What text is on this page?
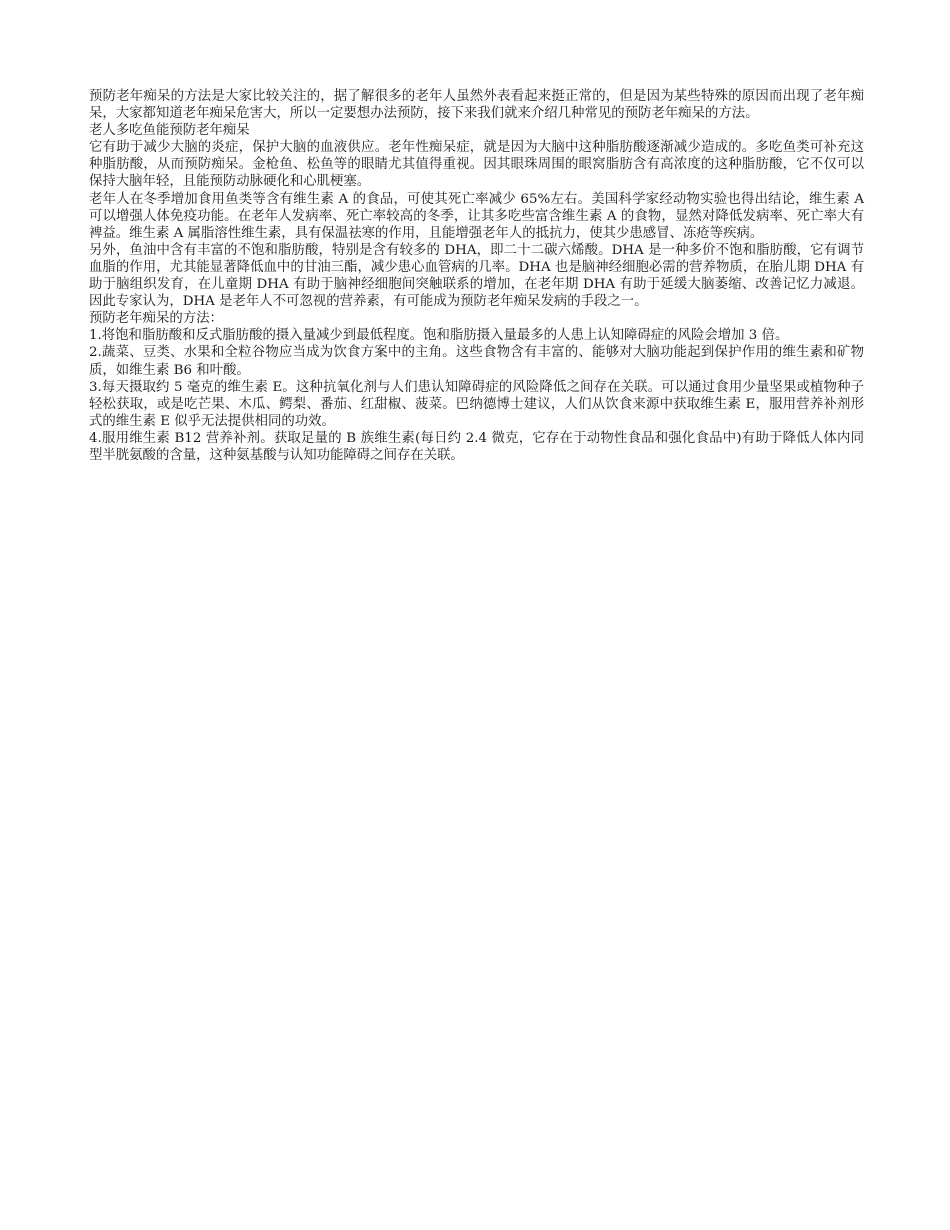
预防老年痴呆的方法是大家比较关注的，据了解很多的老年人虽然外表看起来挺正常的，但是因为某些特殊的原因而出现了老年痴呆，大家都知道老年痴呆危害大，所以一定要想办法预防，接下来我们就来介绍几种常见的预防老年痴呆的方法。

老人多吃鱼能预防老年痴呆

它有助于减少大脑的炎症，保护大脑的血液供应。老年性痴呆症，就是因为大脑中这种脂肪酸逐渐减少造成的。多吃鱼类可补充这种脂肪酸，从而预防痴呆。金枪鱼、松鱼等的眼睛尤其值得重视。因其眼珠周围的眼窝脂肪含有高浓度的这种脂肪酸，它不仅可以保持大脑年轻，且能预防动脉硬化和心肌梗塞。

老年人在冬季增加食用鱼类等含有维生素 A 的食品，可使其死亡率减少 65%左右。美国科学家经动物实验也得出结论，维生素 A 可以增强人体免疫功能。在老年人发病率、死亡率较高的冬季，让其多吃些富含维生素 A 的食物，显然对降低发病率、死亡率大有裨益。维生素 A 属脂溶性维生素，具有保温祛寒的作用，且能增强老年人的抵抗力，使其少患感冒、冻疮等疾病。

另外，鱼油中含有丰富的不饱和脂肪酸，特别是含有较多的 DHA，即二十二碳六烯酸。DHA 是一种多价不饱和脂肪酸，它有调节血脂的作用，尤其能显著降低血中的甘油三酯，减少患心血管病的几率。DHA 也是脑神经细胞必需的营养物质，在胎儿期 DHA 有助于脑组织发育，在儿童期 DHA 有助于脑神经细胞间突触联系的增加，在老年期 DHA 有助于延缓大脑萎缩、改善记忆力减退。因此专家认为，DHA 是老年人不可忽视的营养素，有可能成为预防老年痴呆发病的手段之一。

预防老年痴呆的方法：

1.将饱和脂肪酸和反式脂肪酸的摄入量减少到最低程度。饱和脂肪摄入量最多的人患上认知障碍症的风险会增加 3 倍。

2.蔬菜、豆类、水果和全粒谷物应当成为饮食方案中的主角。这些食物含有丰富的、能够对大脑功能起到保护作用的维生素和矿物质，如维生素 B6 和叶酸。

3.每天摄取约 5 毫克的维生素 E。这种抗氧化剂与人们患认知障碍症的风险降低之间存在关联。可以通过食用少量坚果或植物种子轻松获取，或是吃芒果、木瓜、鳄梨、番茄、红甜椒、菠菜。巴纳德博士建议，人们从饮食来源中获取维生素 E，服用营养补剂形式的维生素 E 似乎无法提供相同的功效。

4.服用维生素 B12 营养补剂。获取足量的 B 族维生素(每日约 2.4 微克，它存在于动物性食品和强化食品中)有助于降低人体内同型半胱氨酸的含量，这种氨基酸与认知功能障碍之间存在关联。
